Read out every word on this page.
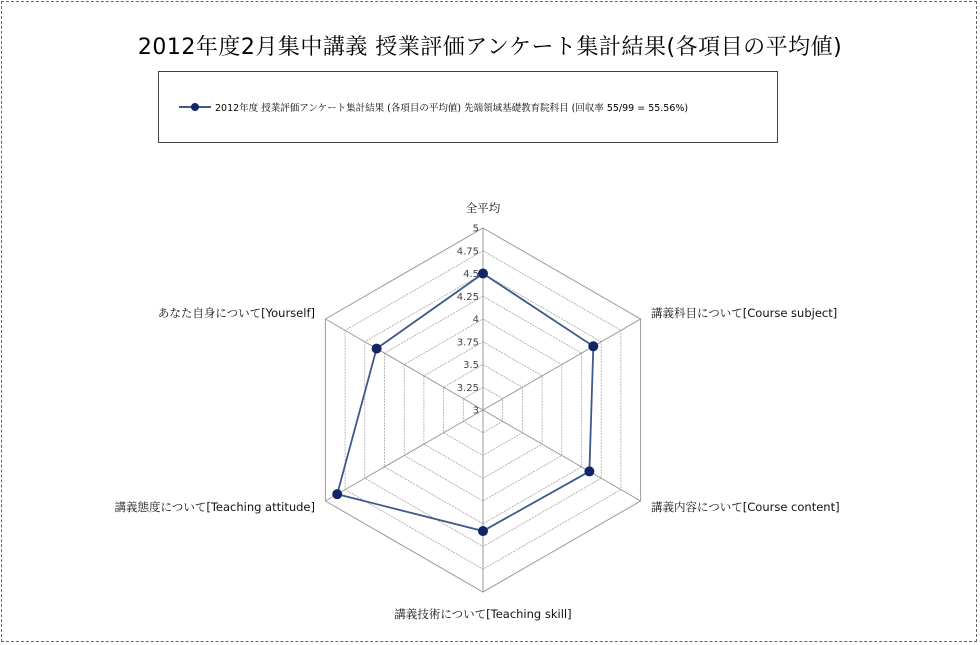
2012年度2月集中講義 授業評価アンケート集計結果(各項目の平均値)
2012年度 授業評価アンケート集計結果 (各項目の平均値) 先端領域基礎教育院科目 (回収率 55/99 = 55.56%)
3
3.25
3.5
3.75
4
4.25
4.5
4.75
5
全平均
講義科目について[Course subject]
講義内容について[Course content]
講義技術について[Teaching skill]
講義態度について[Teaching attitude]
あなた自身について[Yourself]
